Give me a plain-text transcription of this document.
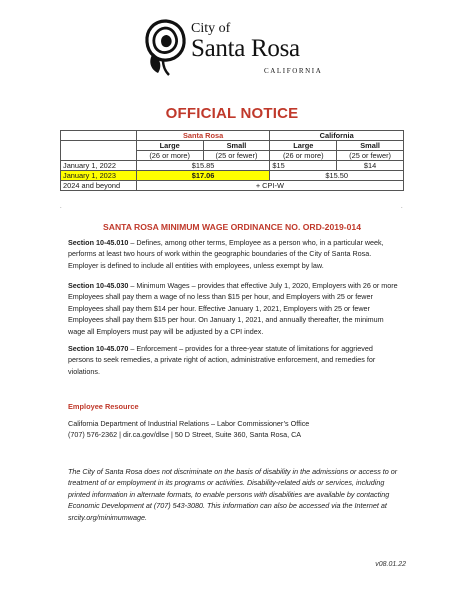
City of
Santa Rosa
CALIFORNIA
OFFICIAL NOTICE
	Santa Rosa		California	
	Large	Small	Large	Small
	(26 or more)	(25 or fewer)	(26 or more)	(25 or fewer)
January 1, 2022	$15.85		$15	$14
January 1, 2023	$17.06		$15.50	
2024 and beyond	+ CPI-W			
.	.
SANTA ROSA MINIMUM WAGE ORDINANCE NO. ORD-2019-014
Section 10-45.010 – Defines, among other terms, Employee as a person who, in a particular week, performs at least two hours of work within the geographic boundaries of the City of Santa Rosa. Employer is defined to include all entities with employees, unless exempt by law.
Section 10-45.030 – Minimum Wages – provides that effective July 1, 2020, Employers with 26 or more Employees shall pay them a wage of no less than $15 per hour, and Employers with 25 or fewer Employees shall pay them $14 per hour. Effective January 1, 2021, Employers with 25 or fewer Employees shall pay them $15 per hour. On January 1, 2021, and annually thereafter, the minimum wage all Employers must pay will be adjusted by a CPI index.
Section 10-45.070 – Enforcement – provides for a three-year statute of limitations for aggrieved persons to seek remedies, a private right of action, administrative enforcement, and remedies for violations.
Employee Resource
California Department of Industrial Relations – Labor Commissioner’s Office
(707) 576-2362 | dir.ca.gov/dlse | 50 D Street, Suite 360, Santa Rosa, CA
The City of Santa Rosa does not discriminate on the basis of disability in the admissions or access to or treatment of or employment in its programs or activities. Disability-related aids or services, including printed information in alternate formats, to enable persons with disabilities are available by contacting Economic Development at (707) 543-3080. This information can also be accessed via the Internet at srcity.org/minimumwage.
v08.01.22
